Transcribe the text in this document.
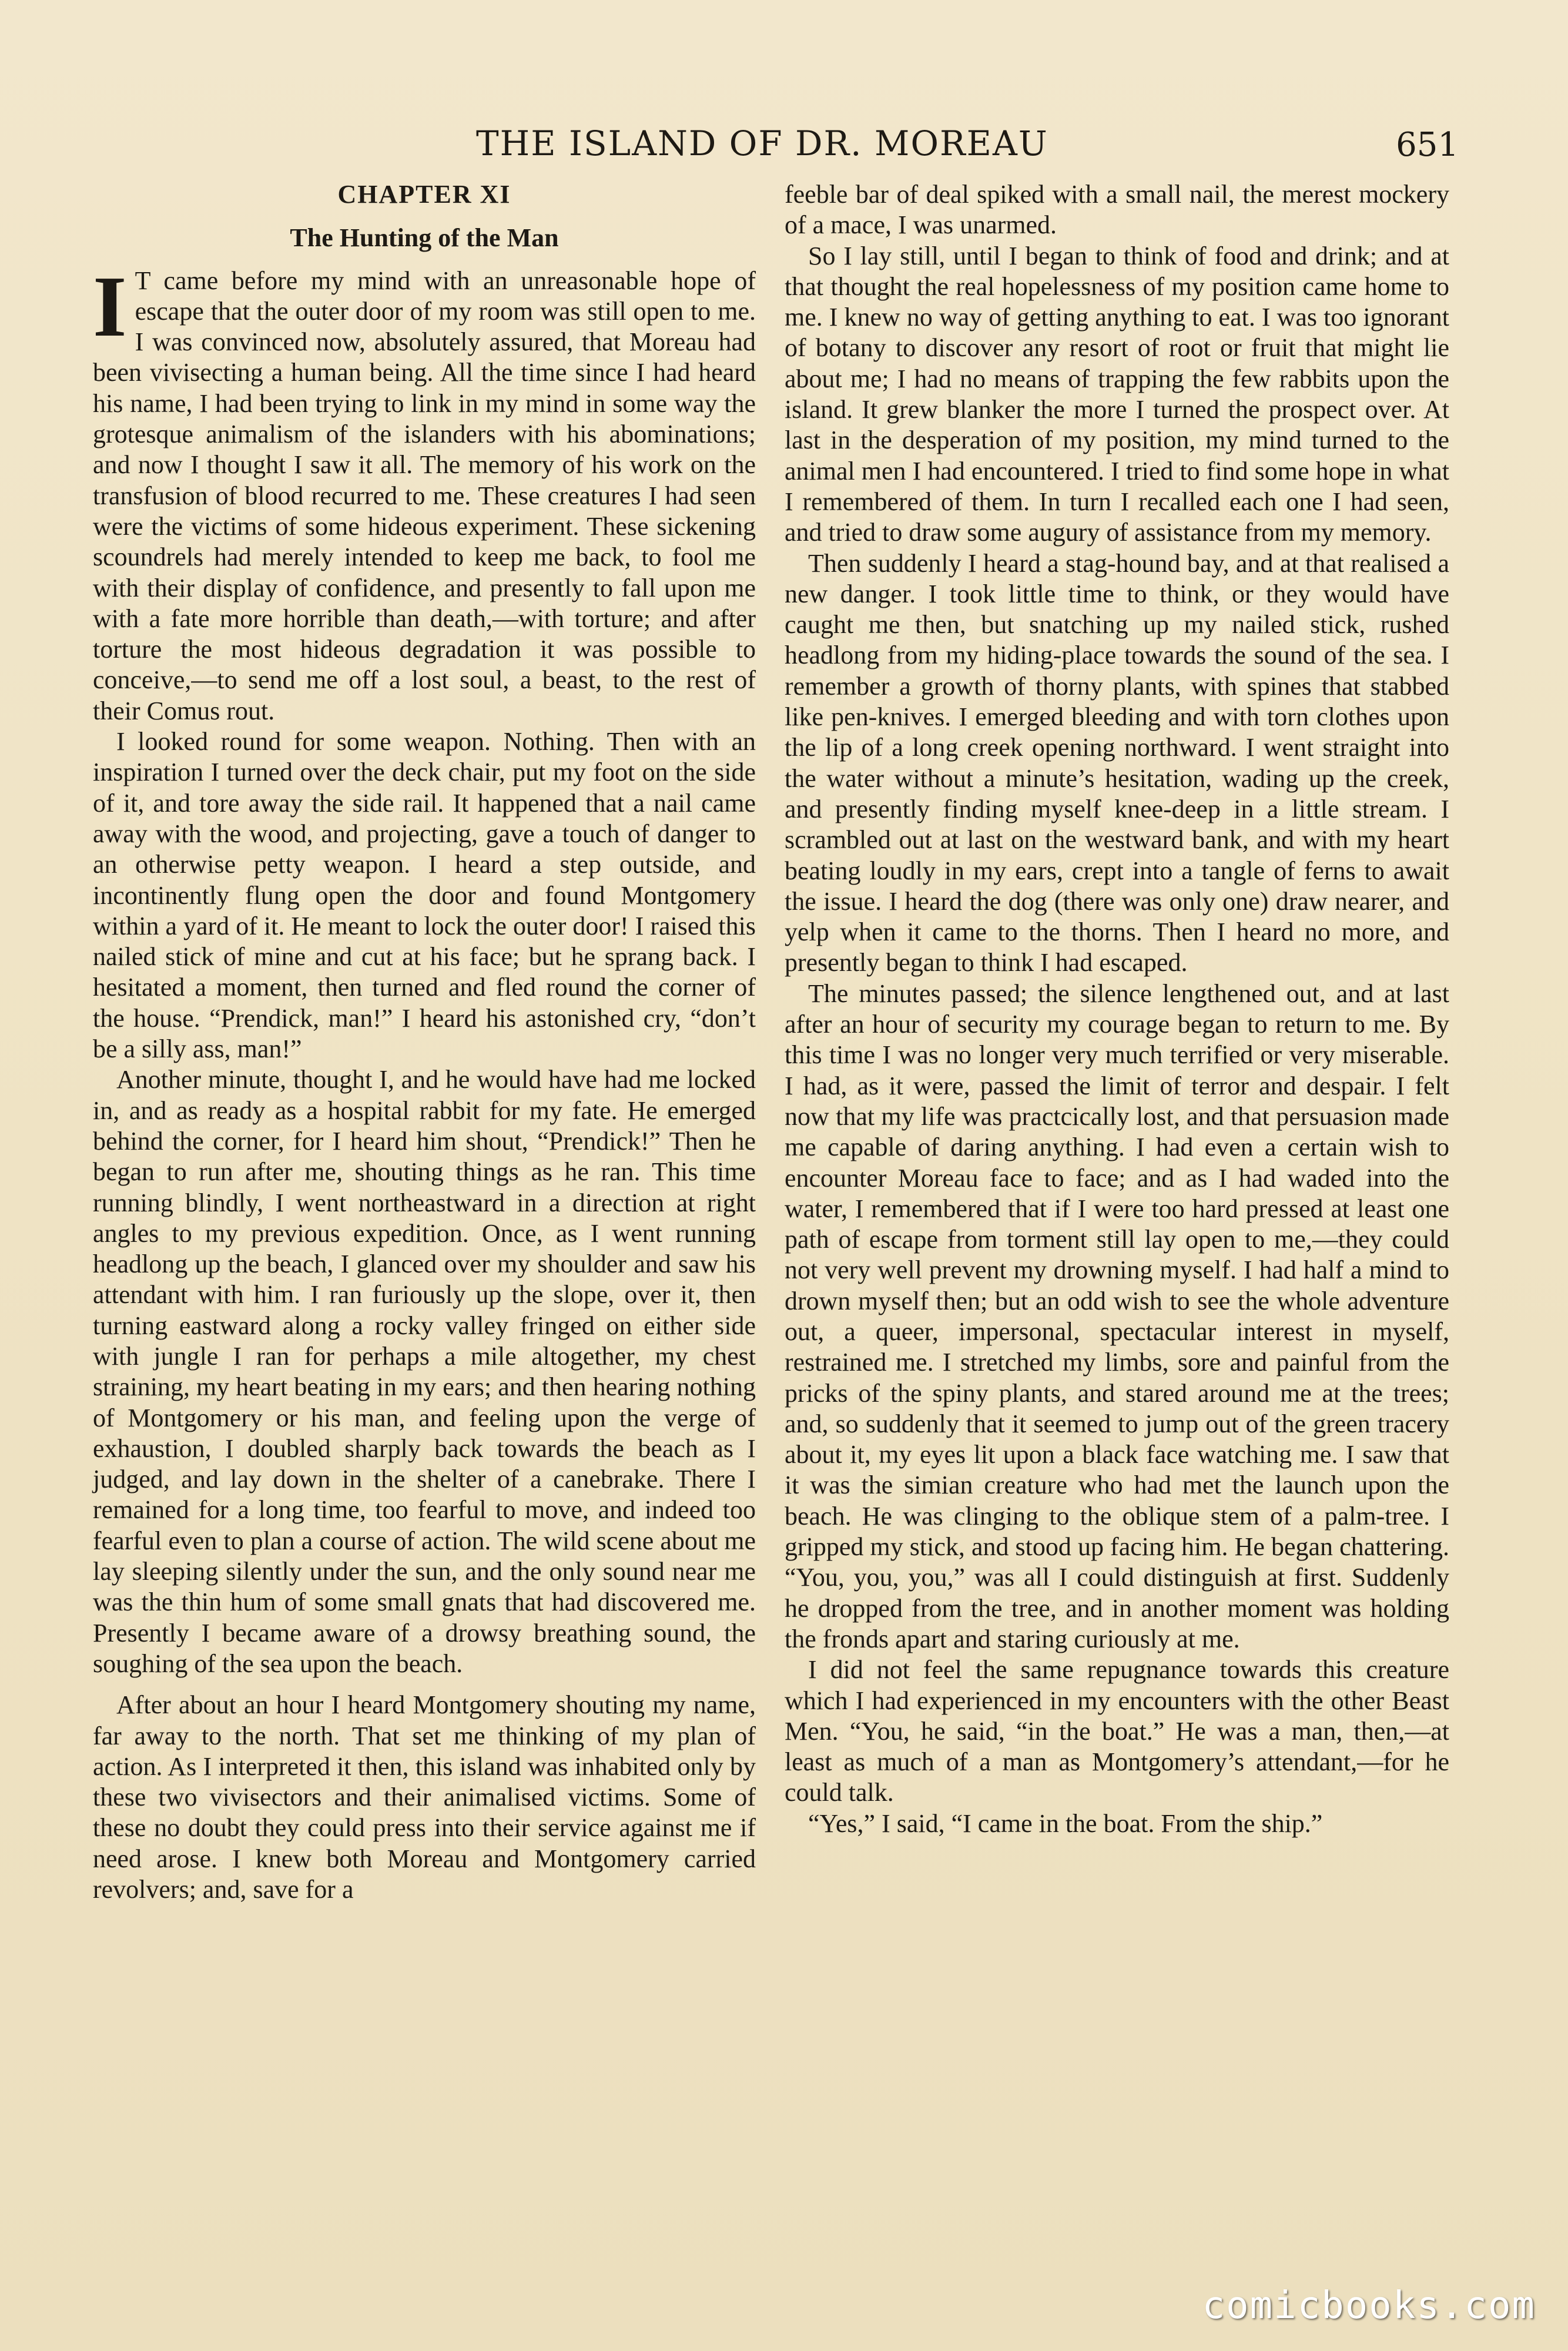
THE ISLAND OF DR. MOREAU	651
CHAPTER XI
The Hunting of the Man

IT came before my mind with an unreasonable hope of escape that the outer door of my room was still open to me. I was convinced now, absolutely assured, that Moreau had been vivisecting a human being. All the time since I had heard his name, I had been trying to link in my mind in some way the grotesque animalism of the islanders with his abominations; and now I thought I saw it all. The memory of his work on the transfusion of blood recurred to me. These creatures I had seen were the victims of some hideous experiment. These sickening scoundrels had merely intended to keep me back, to fool me with their display of confidence, and presently to fall upon me with a fate more horrible than death,—with torture; and after torture the most hideous degradation it was possible to conceive,—to send me off a lost soul, a beast, to the rest of their Comus rout.

I looked round for some weapon. Nothing. Then with an inspiration I turned over the deck chair, put my foot on the side of it, and tore away the side rail. It happened that a nail came away with the wood, and projecting, gave a touch of danger to an otherwise petty weapon. I heard a step outside, and incontinently flung open the door and found Montgomery within a yard of it. He meant to lock the outer door! I raised this nailed stick of mine and cut at his face; but he sprang back. I hesitated a moment, then turned and fled round the corner of the house. “Prendick, man!” I heard his astonished cry, “don’t be a silly ass, man!”

Another minute, thought I, and he would have had me locked in, and as ready as a hospital rabbit for my fate. He emerged behind the corner, for I heard him shout, “Prendick!” Then he began to run after me, shouting things as he ran. This time running blindly, I went northeastward in a direction at right angles to my previous expedition. Once, as I went running headlong up the beach, I glanced over my shoulder and saw his attendant with him. I ran furiously up the slope, over it, then turning eastward along a rocky valley fringed on either side with jungle I ran for perhaps a mile altogether, my chest straining, my heart beating in my ears; and then hearing nothing of Montgomery or his man, and feeling upon the verge of exhaustion, I doubled sharply back towards the beach as I judged, and lay down in the shelter of a canebrake. There I remained for a long time, too fearful to move, and indeed too fearful even to plan a course of action. The wild scene about me lay sleeping silently under the sun, and the only sound near me was the thin hum of some small gnats that had discovered me. Presently I became aware of a drowsy breathing sound, the soughing of the sea upon the beach.

After about an hour I heard Montgomery shouting my name, far away to the north. That set me thinking of my plan of action. As I interpreted it then, this island was inhabited only by these two vivisectors and their animalised victims. Some of these no doubt they could press into their service against me if need arose. I knew both Moreau and Montgomery carried revolvers; and, save for a

feeble bar of deal spiked with a small nail, the merest mockery of a mace, I was unarmed.

So I lay still, until I began to think of food and drink; and at that thought the real hopelessness of my position came home to me. I knew no way of getting anything to eat. I was too ignorant of botany to discover any resort of root or fruit that might lie about me; I had no means of trapping the few rabbits upon the island. It grew blanker the more I turned the prospect over. At last in the desperation of my position, my mind turned to the animal men I had encountered. I tried to find some hope in what I remembered of them. In turn I recalled each one I had seen, and tried to draw some augury of assistance from my memory.

Then suddenly I heard a stag-hound bay, and at that realised a new danger. I took little time to think, or they would have caught me then, but snatching up my nailed stick, rushed headlong from my hiding-place towards the sound of the sea. I remember a growth of thorny plants, with spines that stabbed like pen-knives. I emerged bleeding and with torn clothes upon the lip of a long creek opening northward. I went straight into the water without a minute’s hesitation, wading up the creek, and presently finding myself knee-deep in a little stream. I scrambled out at last on the westward bank, and with my heart beating loudly in my ears, crept into a tangle of ferns to await the issue. I heard the dog (there was only one) draw nearer, and yelp when it came to the thorns. Then I heard no more, and presently began to think I had escaped.

The minutes passed; the silence lengthened out, and at last after an hour of security my courage began to return to me. By this time I was no longer very much terrified or very miserable. I had, as it were, passed the limit of terror and despair. I felt now that my life was practcically lost, and that persuasion made me capable of daring anything. I had even a certain wish to encounter Moreau face to face; and as I had waded into the water, I remembered that if I were too hard pressed at least one path of escape from torment still lay open to me,—they could not very well prevent my drowning myself. I had half a mind to drown myself then; but an odd wish to see the whole adventure out, a queer, impersonal, spectacular interest in myself, restrained me. I stretched my limbs, sore and painful from the pricks of the spiny plants, and stared around me at the trees; and, so suddenly that it seemed to jump out of the green tracery about it, my eyes lit upon a black face watching me. I saw that it was the simian creature who had met the launch upon the beach. He was clinging to the oblique stem of a palm-tree. I gripped my stick, and stood up facing him. He began chattering. “You, you, you,” was all I could distinguish at first. Suddenly he dropped from the tree, and in another moment was holding the fronds apart and staring curiously at me.

I did not feel the same repugnance towards this creature which I had experienced in my encounters with the other Beast Men. “You, he said, “in the boat.” He was a man, then,—at least as much of a man as Montgomery’s attendant,—for he could talk.

“Yes,” I said, “I came in the boat. From the ship.”

comicbooks.com
